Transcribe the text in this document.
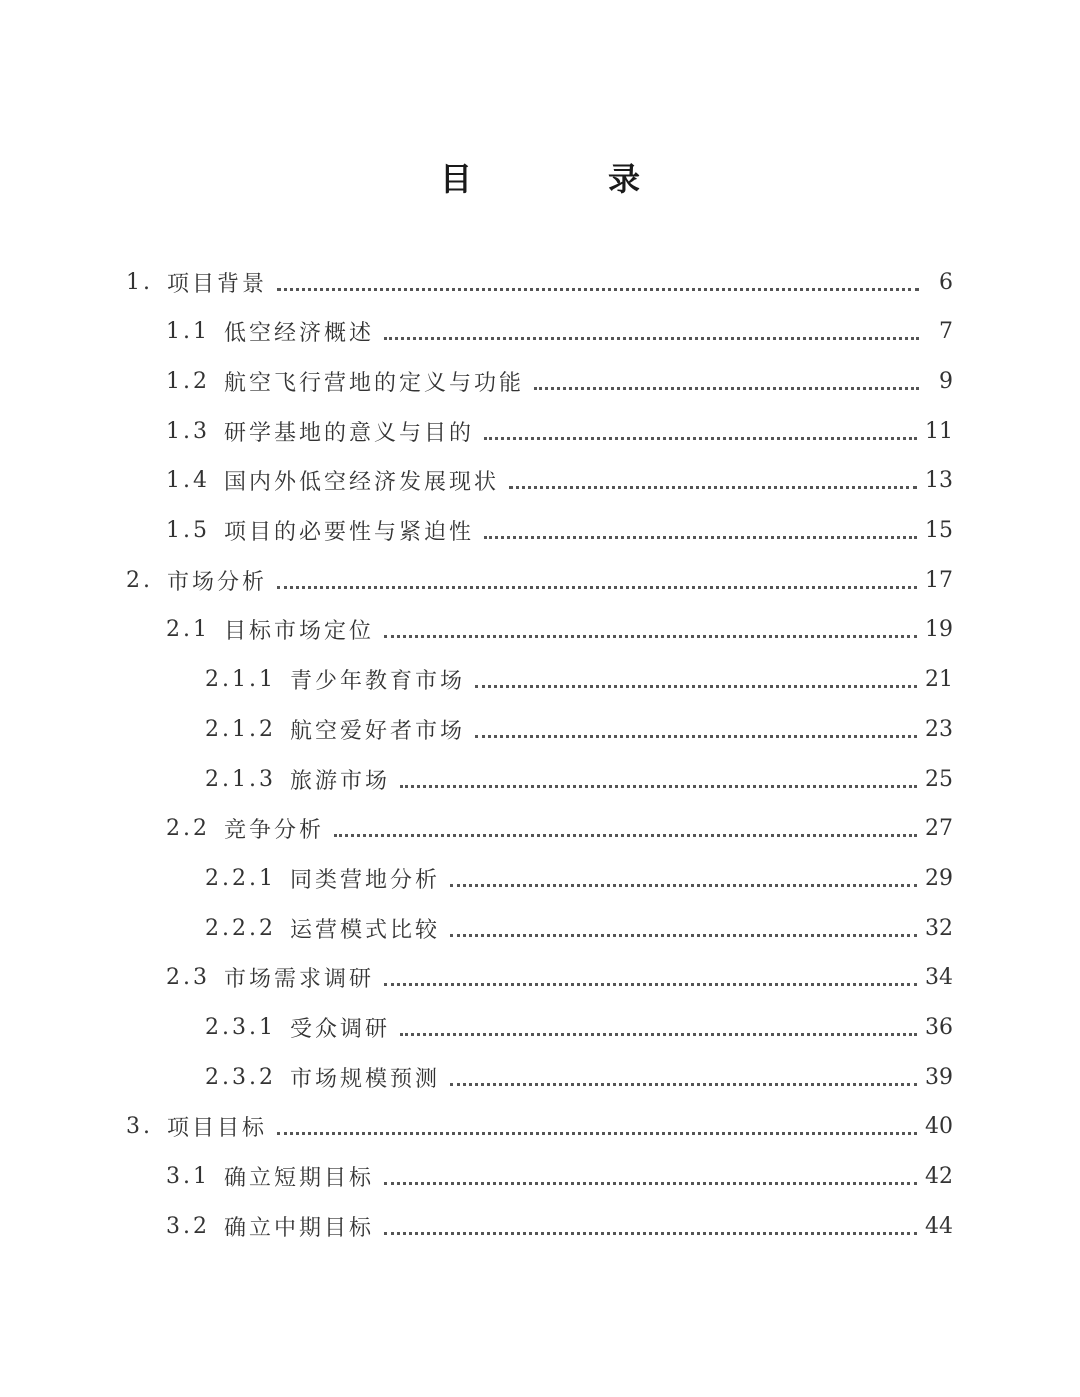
目　录
1. 项目背景	6
1.1 低空经济概述	7
1.2 航空飞行营地的定义与功能	9
1.3 研学基地的意义与目的	11
1.4 国内外低空经济发展现状	13
1.5 项目的必要性与紧迫性	15
2. 市场分析	17
2.1 目标市场定位	19
2.1.1 青少年教育市场	21
2.1.2 航空爱好者市场	23
2.1.3 旅游市场	25
2.2 竞争分析	27
2.2.1 同类营地分析	29
2.2.2 运营模式比较	32
2.3 市场需求调研	34
2.3.1 受众调研	36
2.3.2 市场规模预测	39
3. 项目目标	40
3.1 确立短期目标	42
3.2 确立中期目标	44
